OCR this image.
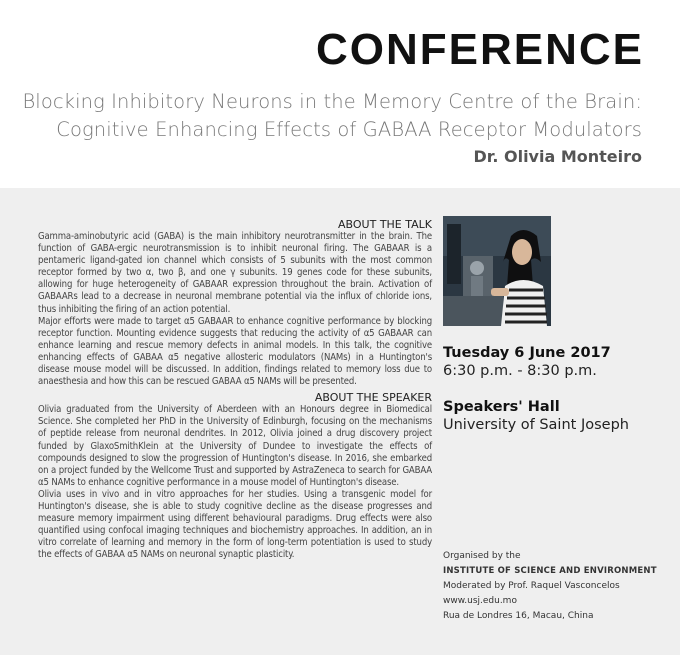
CONFERENCE
Blocking Inhibitory Neurons in the Memory Centre of the Brain:
Cognitive Enhancing Effects of GABAA Receptor Modulators
Dr. Olivia Monteiro
ABOUT THE TALK

Gamma-aminobutyric acid (GABA) is the main inhibitory neurotransmitter in the brain. The function of GABA-ergic neurotransmission is to inhibit neuronal firing. The GABAAR is a pentameric ligand-gated ion channel which consists of 5 subunits with the most common receptor formed by two α, two β, and one γ subunits. 19 genes code for these subunits, allowing for huge heterogeneity of GABAAR expression throughout the brain. Activation of GABAARs lead to a decrease in neuronal membrane potential via the influx of chloride ions, thus inhibiting the firing of an action potential.

Major efforts were made to target α5 GABAAR to enhance cognitive performance by blocking receptor function. Mounting evidence suggests that reducing the activity of α5 GABAAR can enhance learning and rescue memory defects in animal models. In this talk, the cognitive enhancing effects of GABAA α5 negative allosteric modulators (NAMs) in a Huntington's disease mouse model will be discussed. In addition, findings related to memory loss due to anaesthesia and how this can be rescued GABAA α5 NAMs will be presented.

ABOUT THE SPEAKER

Olivia graduated from the University of Aberdeen with an Honours degree in Biomedical Science. She completed her PhD in the University of Edinburgh, focusing on the mechanisms of peptide release from neuronal dendrites. In 2012, Olivia joined a drug discovery project funded by GlaxoSmithKlein at the University of Dundee to investigate the effects of compounds designed to slow the progression of Huntington's disease. In 2016, she embarked on a project funded by the Wellcome Trust and supported by AstraZeneca to search for GABAA α5 NAMs to enhance cognitive performance in a mouse model of Huntington's disease.

Olivia uses in vivo and in vitro approaches for her studies. Using a transgenic model for Huntington's disease, she is able to study cognitive decline as the disease progresses and measure memory impairment using different behavioural paradigms. Drug effects were also quantified using confocal imaging techniques and biochemistry approaches. In addition, an in vitro correlate of learning and memory in the form of long-term potentiation is used to study the effects of GABAA α5 NAMs on neuronal synaptic plasticity.

Tuesday 6 June 2017
6:30 p.m. - 8:30 p.m.
Speakers' Hall
University of Saint Joseph
Organised by the
INSTITUTE OF SCIENCE AND ENVIRONMENT
Moderated by Prof. Raquel Vasconcelos
www.usj.edu.mo
Rua de Londres 16, Macau, China
